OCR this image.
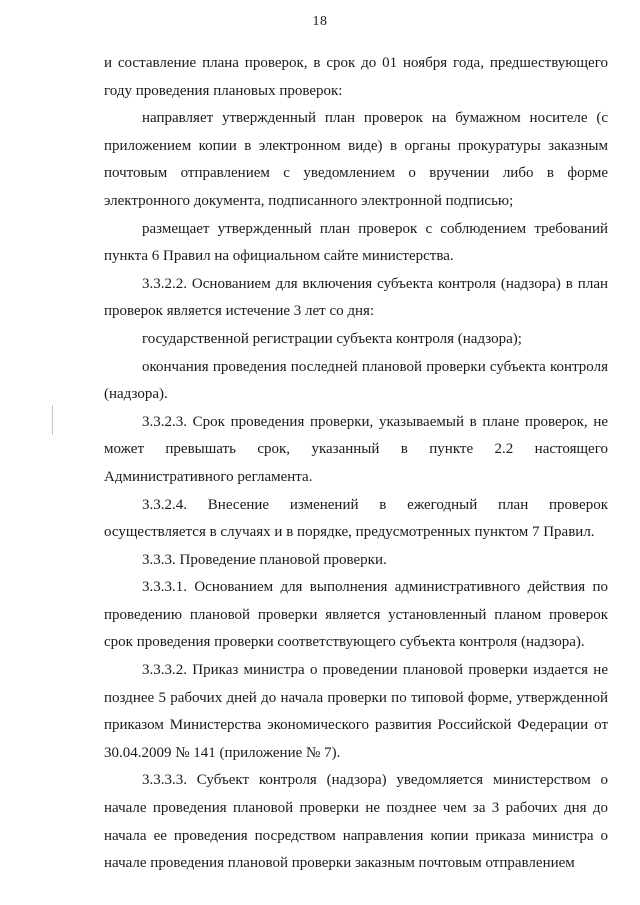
18

и составление плана проверок, в срок до 01 ноября года, предшествующего году проведения плановых проверок:

направляет утвержденный план проверок на бумажном носителе (с приложением копии в электронном виде) в органы прокуратуры заказным почтовым отправлением с уведомлением о вручении либо в форме электронного документа, подписанного электронной подписью;

размещает утвержденный план проверок с соблюдением требований пункта 6 Правил на официальном сайте министерства.

3.3.2.2. Основанием для включения субъекта контроля (надзора) в план проверок является истечение 3 лет со дня:

государственной регистрации субъекта контроля (надзора);

окончания проведения последней плановой проверки субъекта контроля (надзора).

3.3.2.3. Срок проведения проверки, указываемый в плане проверок, не может превышать срок, указанный в пункте 2.2 настоящего Административного регламента.

3.3.2.4. Внесение изменений в ежегодный план проверок осуществляется в случаях и в порядке, предусмотренных пунктом 7 Правил.

3.3.3. Проведение плановой проверки.

3.3.3.1. Основанием для выполнения административного действия по проведению плановой проверки является установленный планом проверок срок проведения проверки соответствующего субъекта контроля (надзора).

3.3.3.2. Приказ министра о проведении плановой проверки издается не позднее 5 рабочих дней до начала проверки по типовой форме, утвержденной приказом Министерства экономического развития Российской Федерации от 30.04.2009 № 141 (приложение № 7).

3.3.3.3. Субъект контроля (надзора) уведомляется министерством о начале проведения плановой проверки не позднее чем за 3 рабочих дня до начала ее проведения посредством направления копии приказа министра о начале проведения плановой проверки заказным почтовым отправлением
